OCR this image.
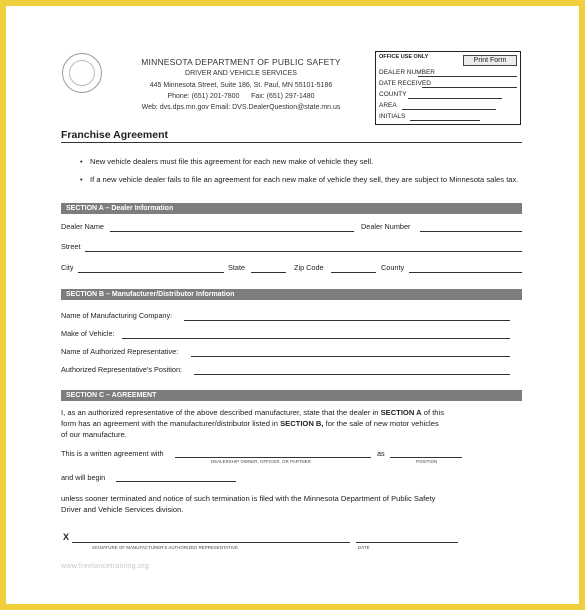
MINNESOTA DEPARTMENT OF PUBLIC SAFETY
DRIVER AND VEHICLE SERVICES
445 Minnesota Street, Suite 186, St. Paul, MN 55101-5186
Phone: (651) 201-7800      Fax: (651) 297-1480
Web: dvs.dps.mn.gov Email: DVS.DealerQuestion@state.mn.us
OFFICE USE ONLY	Print Form
DEALER NUMBER
DATE RECEIVED
COUNTY
AREA
INITIALS
Franchise Agreement
• New vehicle dealers must file this agreement for each new make of vehicle they sell.
• If a new vehicle dealer fails to file an agreement for each new make of vehicle they sell, they are subject to Minnesota sales tax.
SECTION A – Dealer Information
Dealer Name	Dealer Number
Street
City	State	Zip Code	County
SECTION B – Manufacturer/Distributor Information
Name of Manufacturing Company:
Make of Vehicle:
Name of Authorized Representative:
Authorized Representative's Position:
SECTION C – AGREEMENT
I, as an authorized representative of the above described manufacturer, state that the dealer in SECTION A of this
form has an agreement with the manufacturer/distributor listed in SECTION B, for the sale of new motor vehicles
of our manufacture.
This is a written agreement with
DEALERSHIP OWNER, OFFICER, OR PARTNER
as
POSITION
and will begin
unless sooner terminated and notice of such termination is filed with the Minnesota Department of Public Safety
Driver and Vehicle Services division.
X
SIGNATURE OF MANUFACTURER'S AUTHORIZED REPRESENTATIVE	DATE
www.freelancetraining.org
